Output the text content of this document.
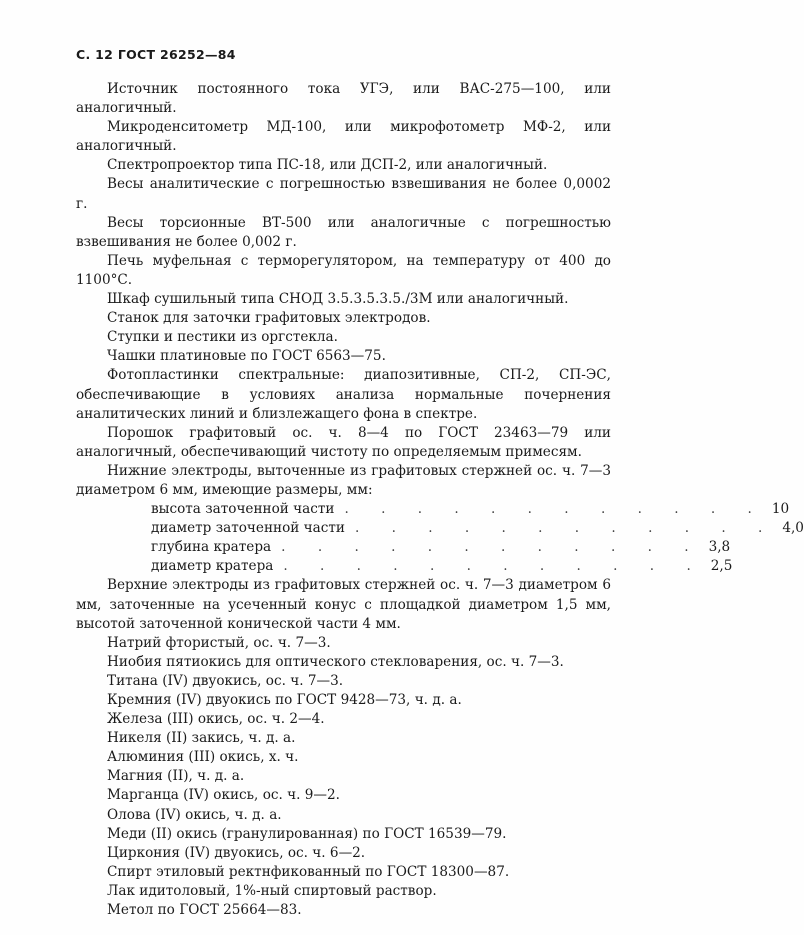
С. 12 ГОСТ 26252—84

Источник постоянного тока УГЭ, или ВАС-275—100, или аналогичный.

Микроденситометр МД-100, или микрофотометр МФ-2, или аналогичный.

Спектропроектор типа ПС-18, или ДСП-2, или аналогичный.

Весы аналитические с погрешностью взвешивания не более 0,0002 г.

Весы торсионные ВТ-500 или аналогичные с погрешностью взвешивания не более 0,002 г.

Печь муфельная с терморегулятором, на температуру от 400 до 1100°С.

Шкаф сушильный типа СНОД 3.5.3.5.3.5./3М или аналогичный.

Станок для заточки графитовых электродов.

Ступки и пестики из оргстекла.

Чашки платиновые по ГОСТ 6563—75.

Фотопластинки спектральные: диапозитивные, СП-2, СП-ЭС, обеспечивающие в условиях анализа нормальные почернения аналитических линий и близлежащего фона в спектре.

Порошок графитовый ос. ч. 8—4 по ГОСТ 23463—79 или аналогичный, обеспечивающий чистоту по определяемым примесям.

Нижние электроды, выточенные из графитовых стержней ос. ч. 7—3 диаметром 6 мм, имеющие размеры, мм:

высота заточенной части . . . . . . . . . . . . 10
диаметр заточенной части . . . . . . . . . . . . 4,0
глубина кратера . . . . . . . . . . . . 3,8
диаметр кратера . . . . . . . . . . . . 2,5

Верхние электроды из графитовых стержней ос. ч. 7—3 диаметром 6 мм, заточенные на усеченный конус с площадкой диаметром 1,5 мм, высотой заточенной конической части 4 мм.

Натрий фтористый, ос. ч. 7—3.

Ниобия пятиокись для оптического стекловарения, ос. ч. 7—3.

Титана (IV) двуокись, ос. ч. 7—3.

Кремния (IV) двуокись по ГОСТ 9428—73, ч. д. а.

Железа (III) окись, ос. ч. 2—4.

Никеля (II) закись, ч. д. а.

Алюминия (III) окись, х. ч.

Магния (II), ч. д. а.

Марганца (IV) окись, ос. ч. 9—2.

Олова (IV) окись, ч. д. а.

Меди (II) окись (гранулированная) по ГОСТ 16539—79.

Циркония (IV) двуокись, ос. ч. 6—2.

Спирт этиловый ректнфикованный по ГОСТ 18300—87.

Лак идитоловый, 1%-ный спиртовый раствор.

Метол по ГОСТ 25664—83.
